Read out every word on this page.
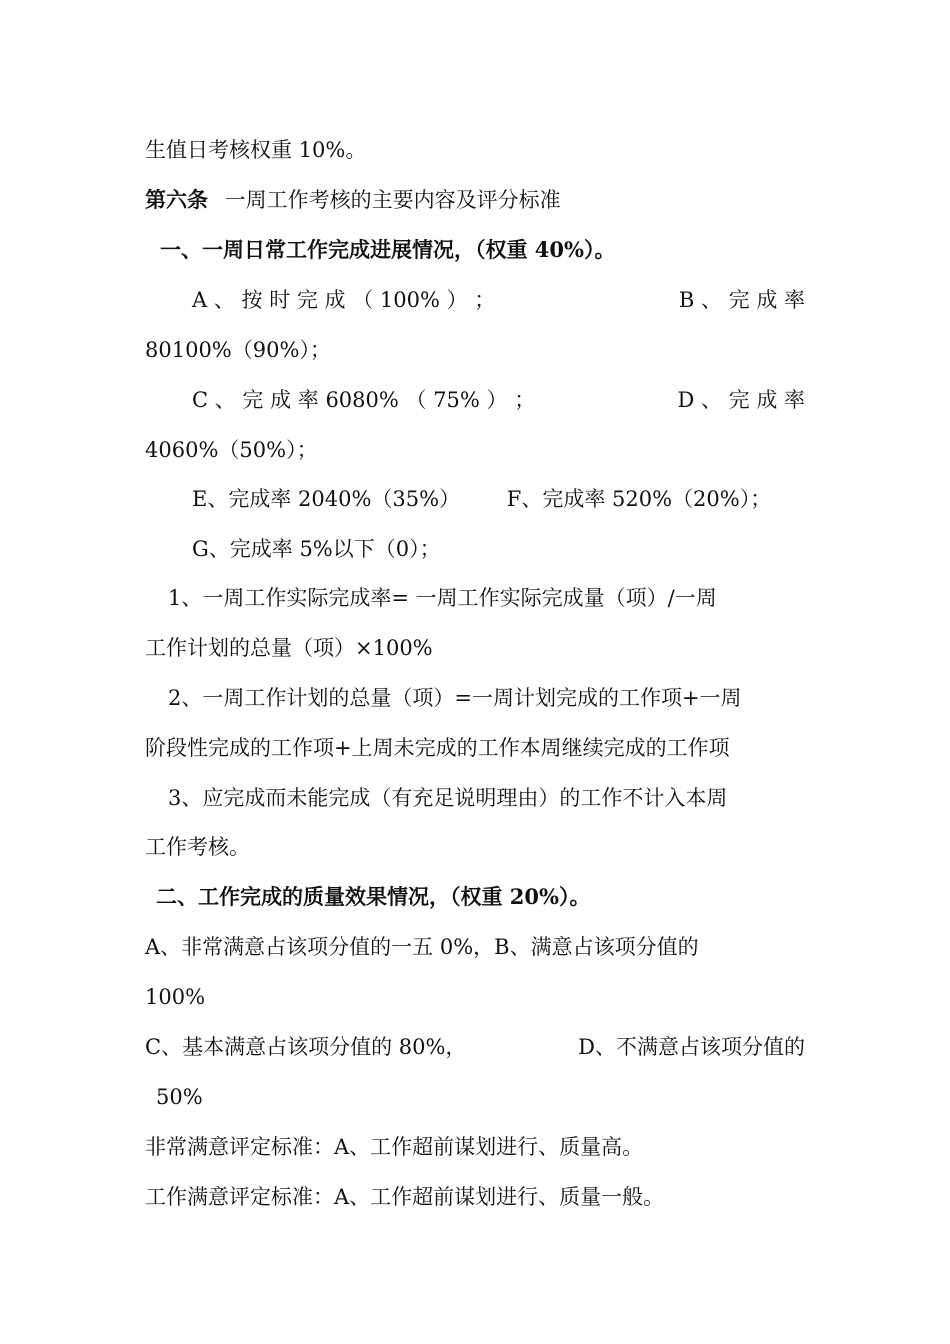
生值日考核权重 10%。
第六条 一周工作考核的主要内容及评分标准
一、一周日常工作完成进展情况，（权重 40%）。
A 、 按 时 完 成 （ 100% ） ；	B 、 完 成 率
80100%（90%）；
C 、 完 成 率 6080% （ 75% ） ；	D 、 完 成 率
4060%（50%）；
E、完成率 2040%（35%） F、完成率 520%（20%）；
G、完成率 5%以下（0）；
1、一周工作实际完成率= 一周工作实际完成量（项）/一周
工作计划的总量（项）×100%
2、一周工作计划的总量（项）=一周计划完成的工作项+一周
阶段性完成的工作项+上周未完成的工作本周继续完成的工作项
3、应完成而未能完成（有充足说明理由）的工作不计入本周
工作考核。
二、工作完成的质量效果情况，（权重 20%）。
A、非常满意占该项分值的一五 0%，B、满意占该项分值的
100%
C、基本满意占该项分值的 80%，	D、不满意占该项分值的
50%
非常满意评定标准：A、工作超前谋划进行、质量高。
工作满意评定标准：A、工作超前谋划进行、质量一般。
